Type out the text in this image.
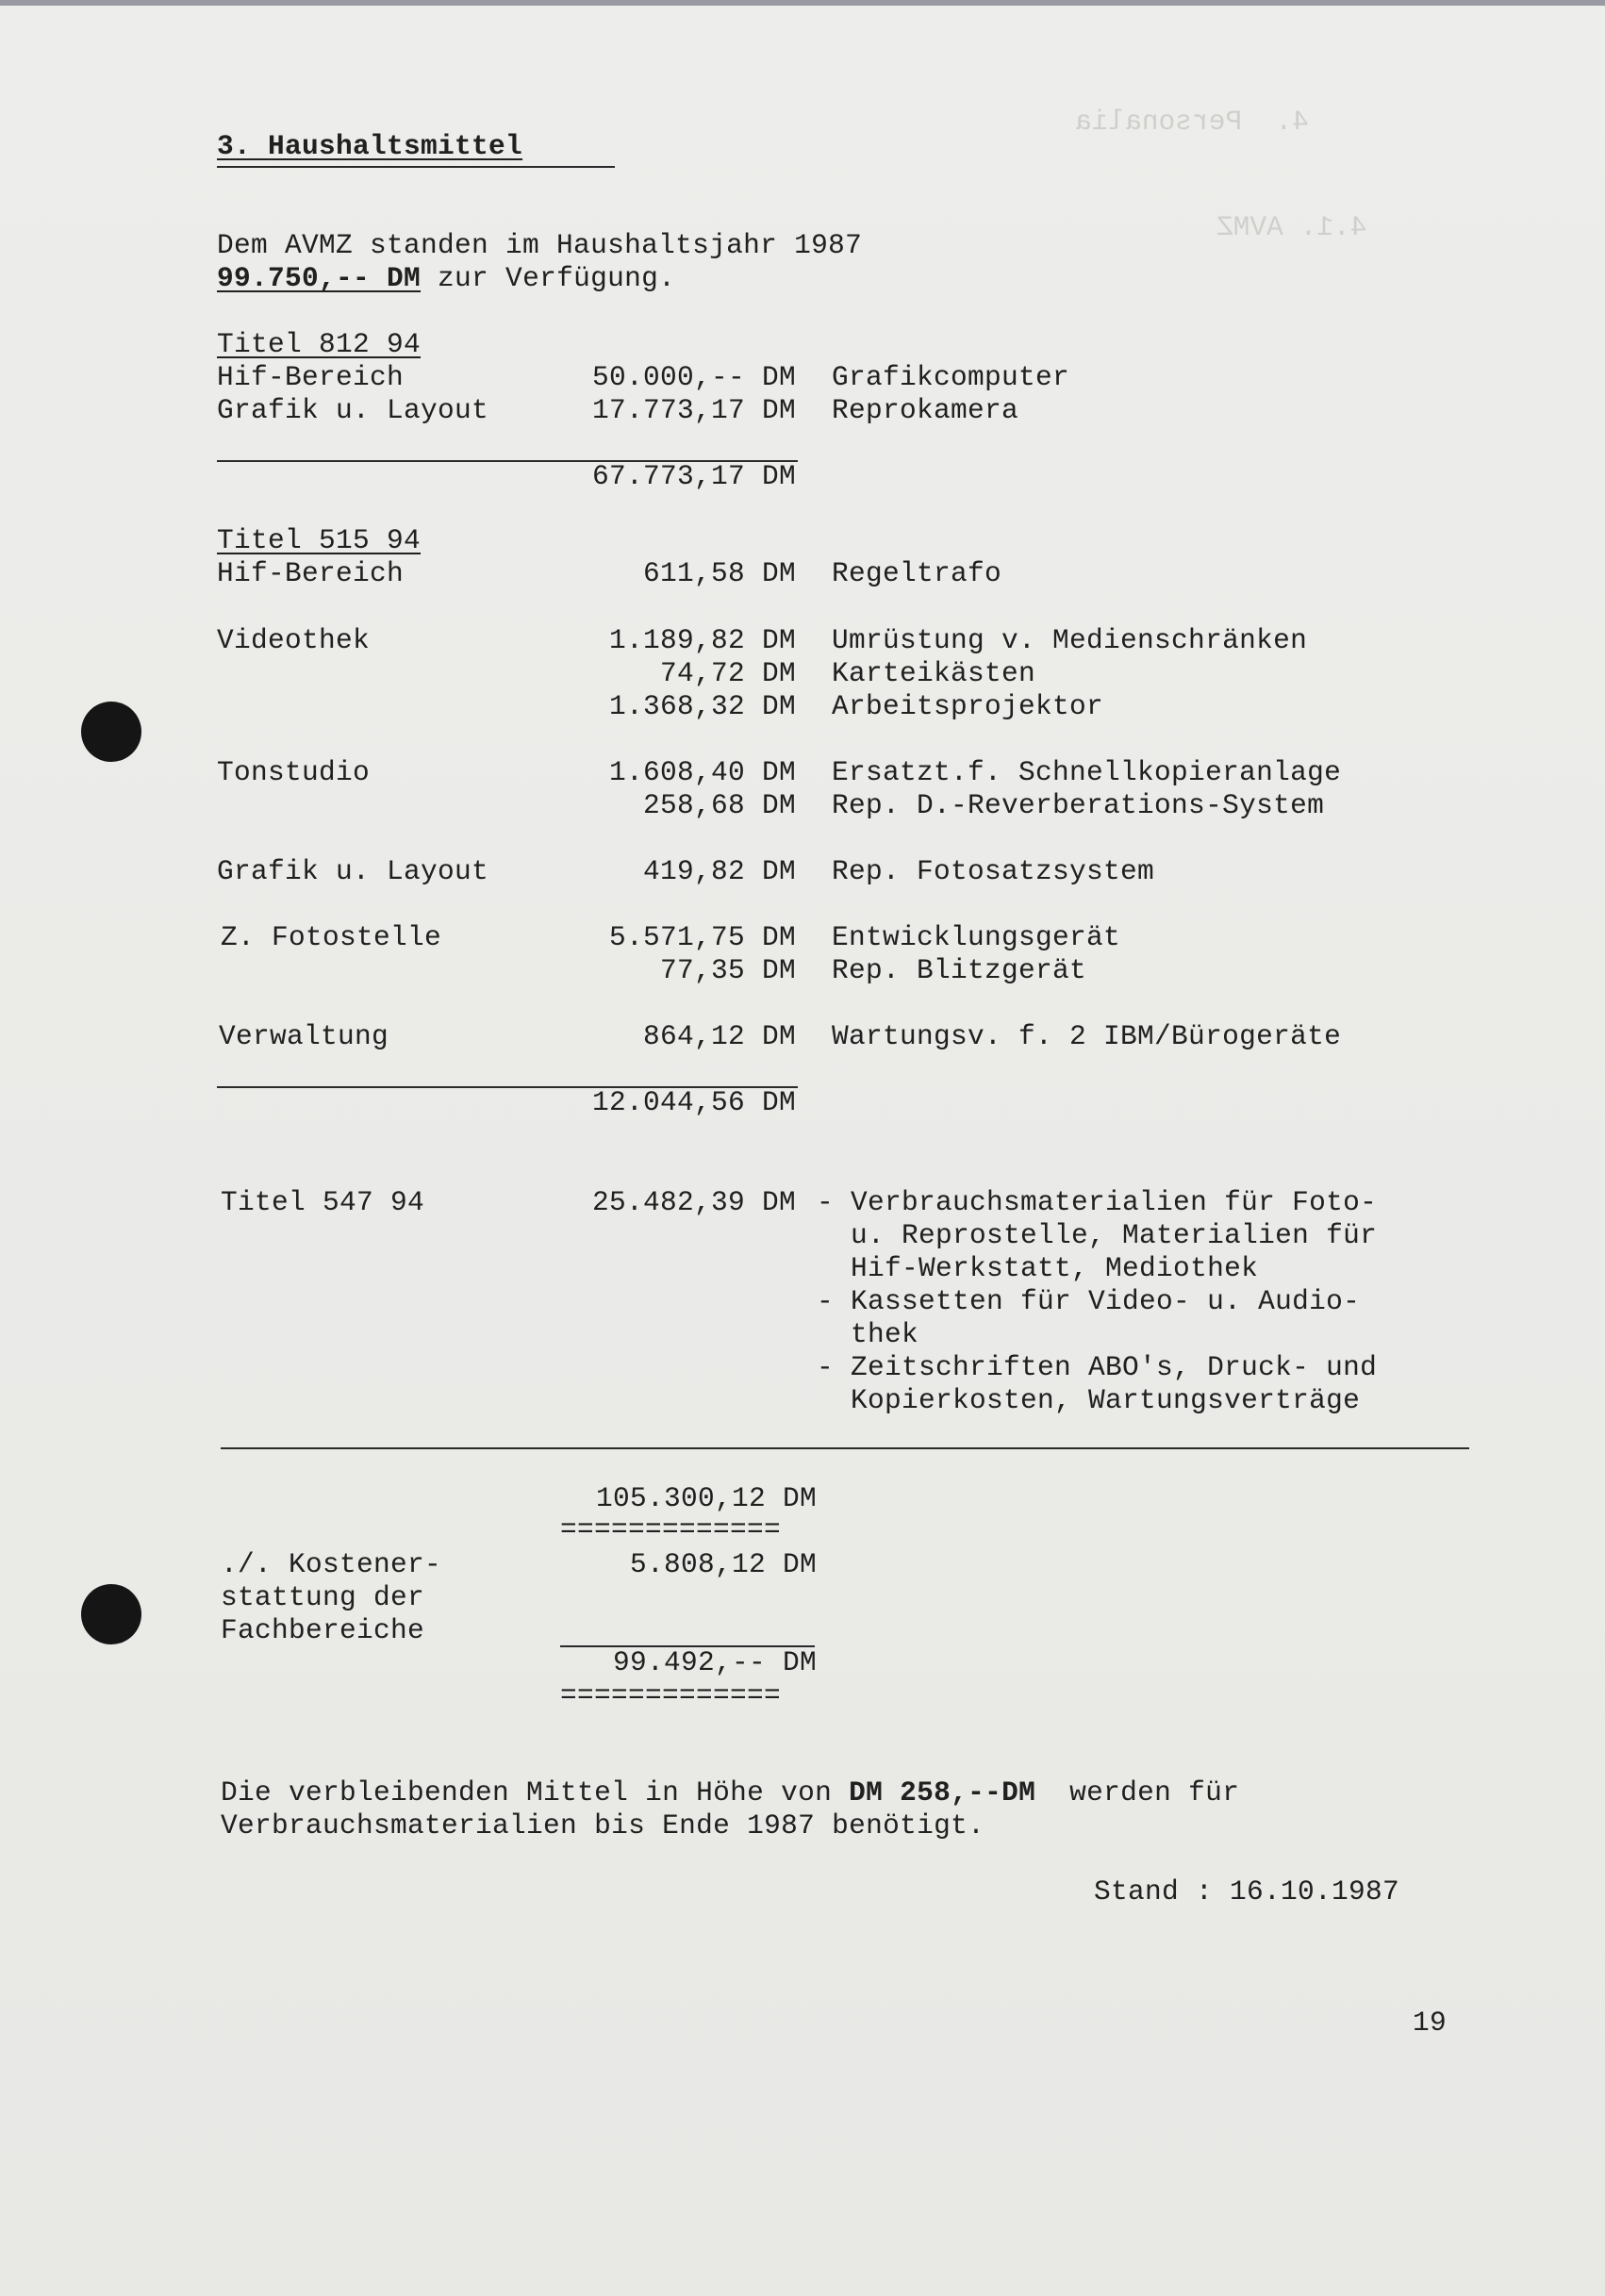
4.  Personalia
4.1. AVMZ
3. Haushaltsmittel
Dem AVMZ standen im Haushaltsjahr 1987
99.750,-- DM zur Verfügung.
Titel 812 94
Hif-Bereich	50.000,-- DM Grafikcomputer
Grafik u. Layout	17.773,17 DM Reprokamera
67.773,17 DM
Titel 515 94
Hif-Bereich	611,58 DM Regeltrafo
Videothek	1.189,82 DM Umrüstung v. Medienschränken
74,72 DM Karteikästen
1.368,32 DM Arbeitsprojektor
Tonstudio	1.608,40 DM Ersatzt.f. Schnellkopieranlage
258,68 DM Rep. D.-Reverberations-System
Grafik u. Layout	419,82 DM Rep. Fotosatzsystem
Z. Fotostelle	5.571,75 DM Entwicklungsgerät
77,35 DM Rep. Blitzgerät
Verwaltung	864,12 DM Wartungsv. f. 2 IBM/Bürogeräte
12.044,56 DM
Titel 547 94	25.482,39 DM - Verbrauchsmaterialien für Foto-
u. Reprostelle, Materialien für
Hif-Werkstatt, Mediothek
- Kassetten für Video- u. Audio-
thek
- Zeitschriften ABO's, Druck- und
Kopierkosten, Wartungsverträge
105.300,12 DM
=============
./. Kostener-
stattung der
Fachbereiche
5.808,12 DM
99.492,-- DM
=============
Die verbleibenden Mittel in Höhe von DM 258,--DM  werden für
Verbrauchsmaterialien bis Ende 1987 benötigt.
Stand : 16.10.1987
19
